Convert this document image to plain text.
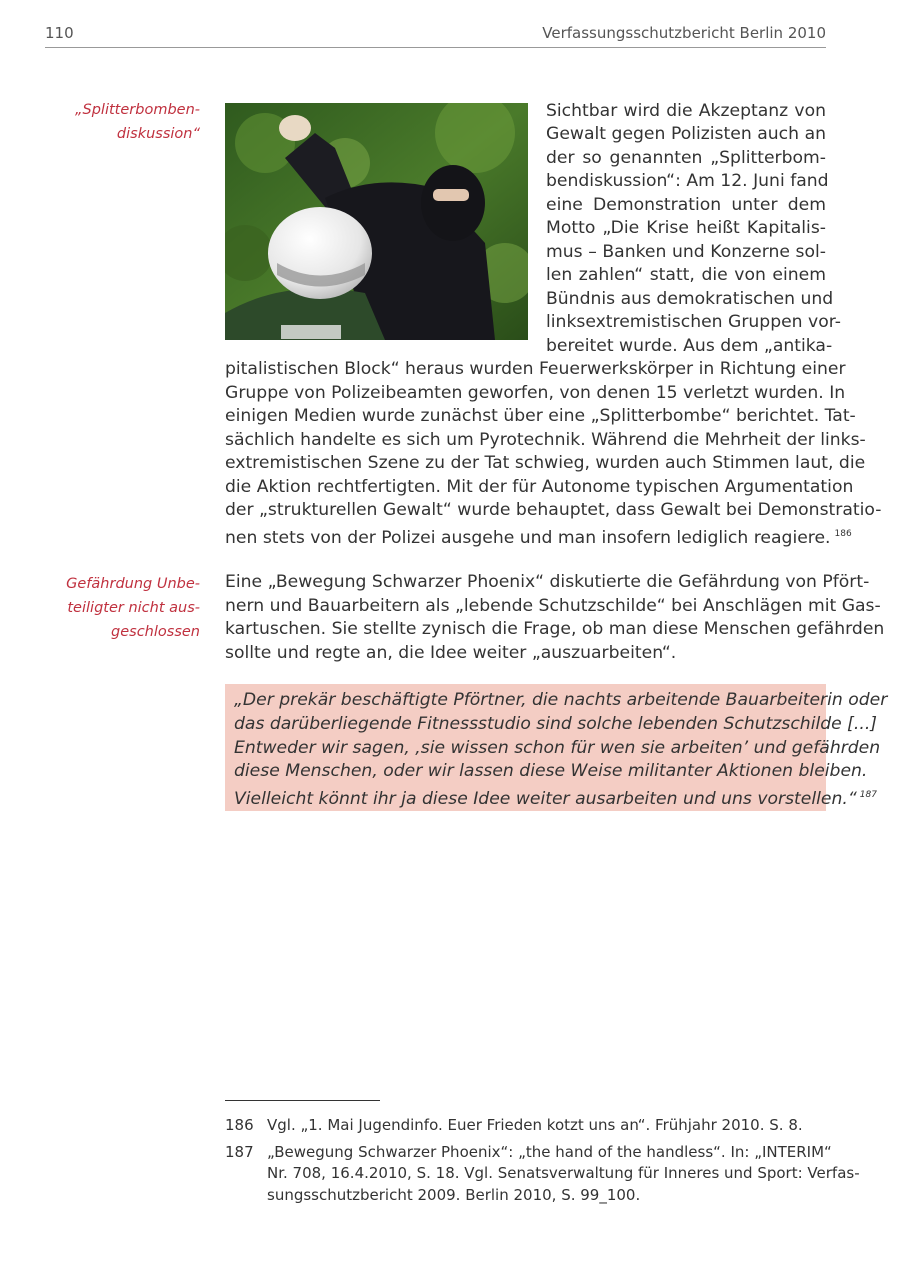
110	Verfassungsschutzbericht Berlin 2010
„Splitterbomben-
diskussion“
Sichtbar wird die Akzeptanz von
Gewalt gegen Polizisten auch an
der so genannten „Splitterbom-
bendiskussion“: Am 12. Juni fand
eine Demonstration unter dem
Motto „Die Krise heißt Kapitalis-
mus – Banken und Konzerne sol-
len zahlen“ statt, die von einem
Bündnis aus demokratischen und
linksextremistischen Gruppen vor-
bereitet wurde. Aus dem „antika-
pitalistischen Block“ heraus wurden Feuerwerkskörper in Richtung einer
Gruppe von Polizeibeamten geworfen, von denen 15 verletzt wurden. In
einigen Medien wurde zunächst über eine „Splitterbombe“ berichtet. Tat-
sächlich handelte es sich um Pyrotechnik. Während die Mehrheit der links-
extremistischen Szene zu der Tat schwieg, wurden auch Stimmen laut, die
die Aktion rechtfertigten. Mit der für Autonome typischen Argumentation
der „strukturellen Gewalt“ wurde behauptet, dass Gewalt bei Demonstratio-
nen stets von der Polizei ausgehe und man insofern lediglich reagiere. $^{186}$
Gefährdung Unbe-
teiligter nicht aus-
geschlossen
Eine „Bewegung Schwarzer Phoenix“ diskutierte die Gefährdung von Pfört-
nern und Bauarbeitern als „lebende Schutzschilde“ bei Anschlägen mit Gas-
kartuschen. Sie stellte zynisch die Frage, ob man diese Menschen gefährden
sollte und regte an, die Idee weiter „auszuarbeiten“.
„Der prekär beschäftigte Pförtner, die nachts arbeitende Bauarbeiterin oder
das darüberliegende Fitnessstudio sind solche lebenden Schutzschilde [...]
Entweder wir sagen, ‚sie wissen schon für wen sie arbeiten’ und gefährden
diese Menschen, oder wir lassen diese Weise militanter Aktionen bleiben.
Vielleicht könnt ihr ja diese Idee weiter ausarbeiten und uns vorstellen.“ $^{187}$
186 Vgl. „1. Mai Jugendinfo. Euer Frieden kotzt uns an“. Frühjahr 2010. S. 8.
187 „Bewegung Schwarzer Phoenix“: „the hand of the handless“. In: „INTERIM“
Nr. 708, 16.4.2010, S. 18. Vgl. Senatsverwaltung für Inneres und Sport: Verfas-
sungsschutzbericht 2009. Berlin 2010, S. 99_100.
